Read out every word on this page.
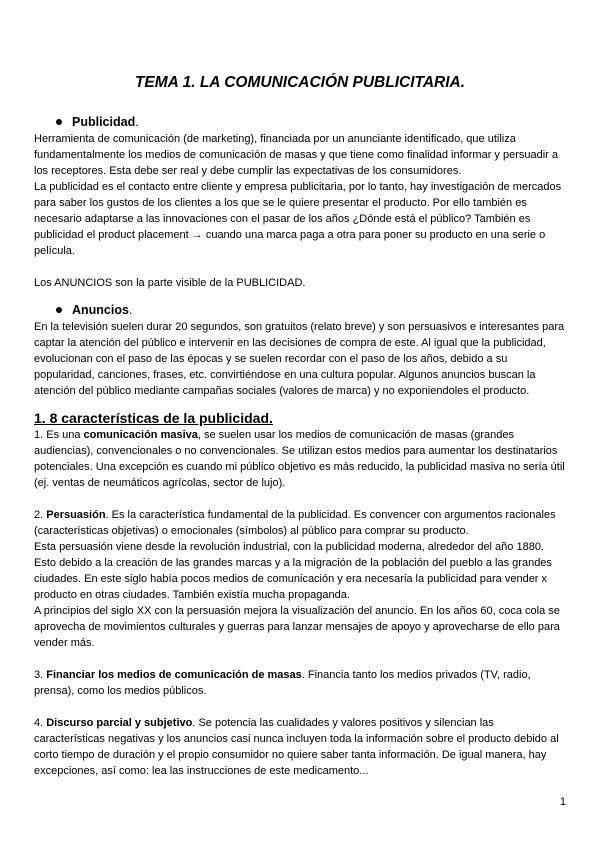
TEMA 1. LA COMUNICACIÓN PUBLICITARIA.

Publicidad.

Herramienta de comunicación (de marketing), financiada por un anunciante identificado, que utiliza fundamentalmente los medios de comunicación de masas y que tiene como finalidad informar y persuadir a los receptores. Esta debe ser real y debe cumplir las expectativas de los consumidores.

La publicidad es el contacto entre cliente y empresa publicitaria, por lo tanto, hay investigación de mercados para saber los gustos de los clientes a los que se le quiere presentar el producto. Por ello también es necesario adaptarse a las innovaciones con el pasar de los años ¿Dónde está el público? También es publicidad el product placement → cuando una marca paga a otra para poner su producto en una serie o película.

Los ANUNCIOS son la parte visible de la PUBLICIDAD.

Anuncios.

En la televisión suelen durar 20 segundos, son gratuitos (relato breve) y son persuasivos e interesantes para captar la atención del público e intervenir en las decisiones de compra de este. Al igual que la publicidad, evolucionan con el paso de las épocas y se suelen recordar con el paso de los años, debido a su popularidad, canciones, frases, etc. convirtiéndose en una cultura popular. Algunos anuncios buscan la atención del público mediante campañas sociales (valores de marca) y no exponiendoles el producto.

1. 8 características de la publicidad.

1. Es una comunicación masiva, se suelen usar los medios de comunicación de masas (grandes audiencias), convencionales o no convencionales. Se utilizan estos medios para aumentar los destinatarios potenciales. Una excepción es cuando mi público objetivo es más reducido, la publicidad masiva no sería útil (ej. ventas de neumáticos agrícolas, sector de lujo).

2. Persuasión. Es la característica fundamental de la publicidad. Es convencer con argumentos racionales (características objetivas) o emocionales (símbolos) al público para comprar su producto.

Esta persuasión viene desde la revolución industrial, con la publicidad moderna, alrededor del año 1880. Esto debido a la creación de las grandes marcas y a la migración de la población del pueblo a las grandes ciudades. En este siglo había pocos medios de comunicación y era necesaria la publicidad para vender x producto en otras ciudades. También existía mucha propaganda.

A principios del siglo XX con la persuasión mejora la visualización del anuncio. En los años 60, coca cola se aprovecha de movimientos culturales y guerras para lanzar mensajes de apoyo y aprovecharse de ello para vender más.

3. Financiar los medios de comunicación de masas. Financia tanto los medios privados (TV, radio, prensa), como los medios públicos.

4. Discurso parcial y subjetivo. Se potencia las cualidades y valores positivos y silencian las características negativas y los anuncios casi nunca incluyen toda la información sobre el producto debido al corto tiempo de duración y el propio consumidor no quiere saber tanta información. De igual manera, hay excepciones, así como: lea las instrucciones de este medicamento...

1
